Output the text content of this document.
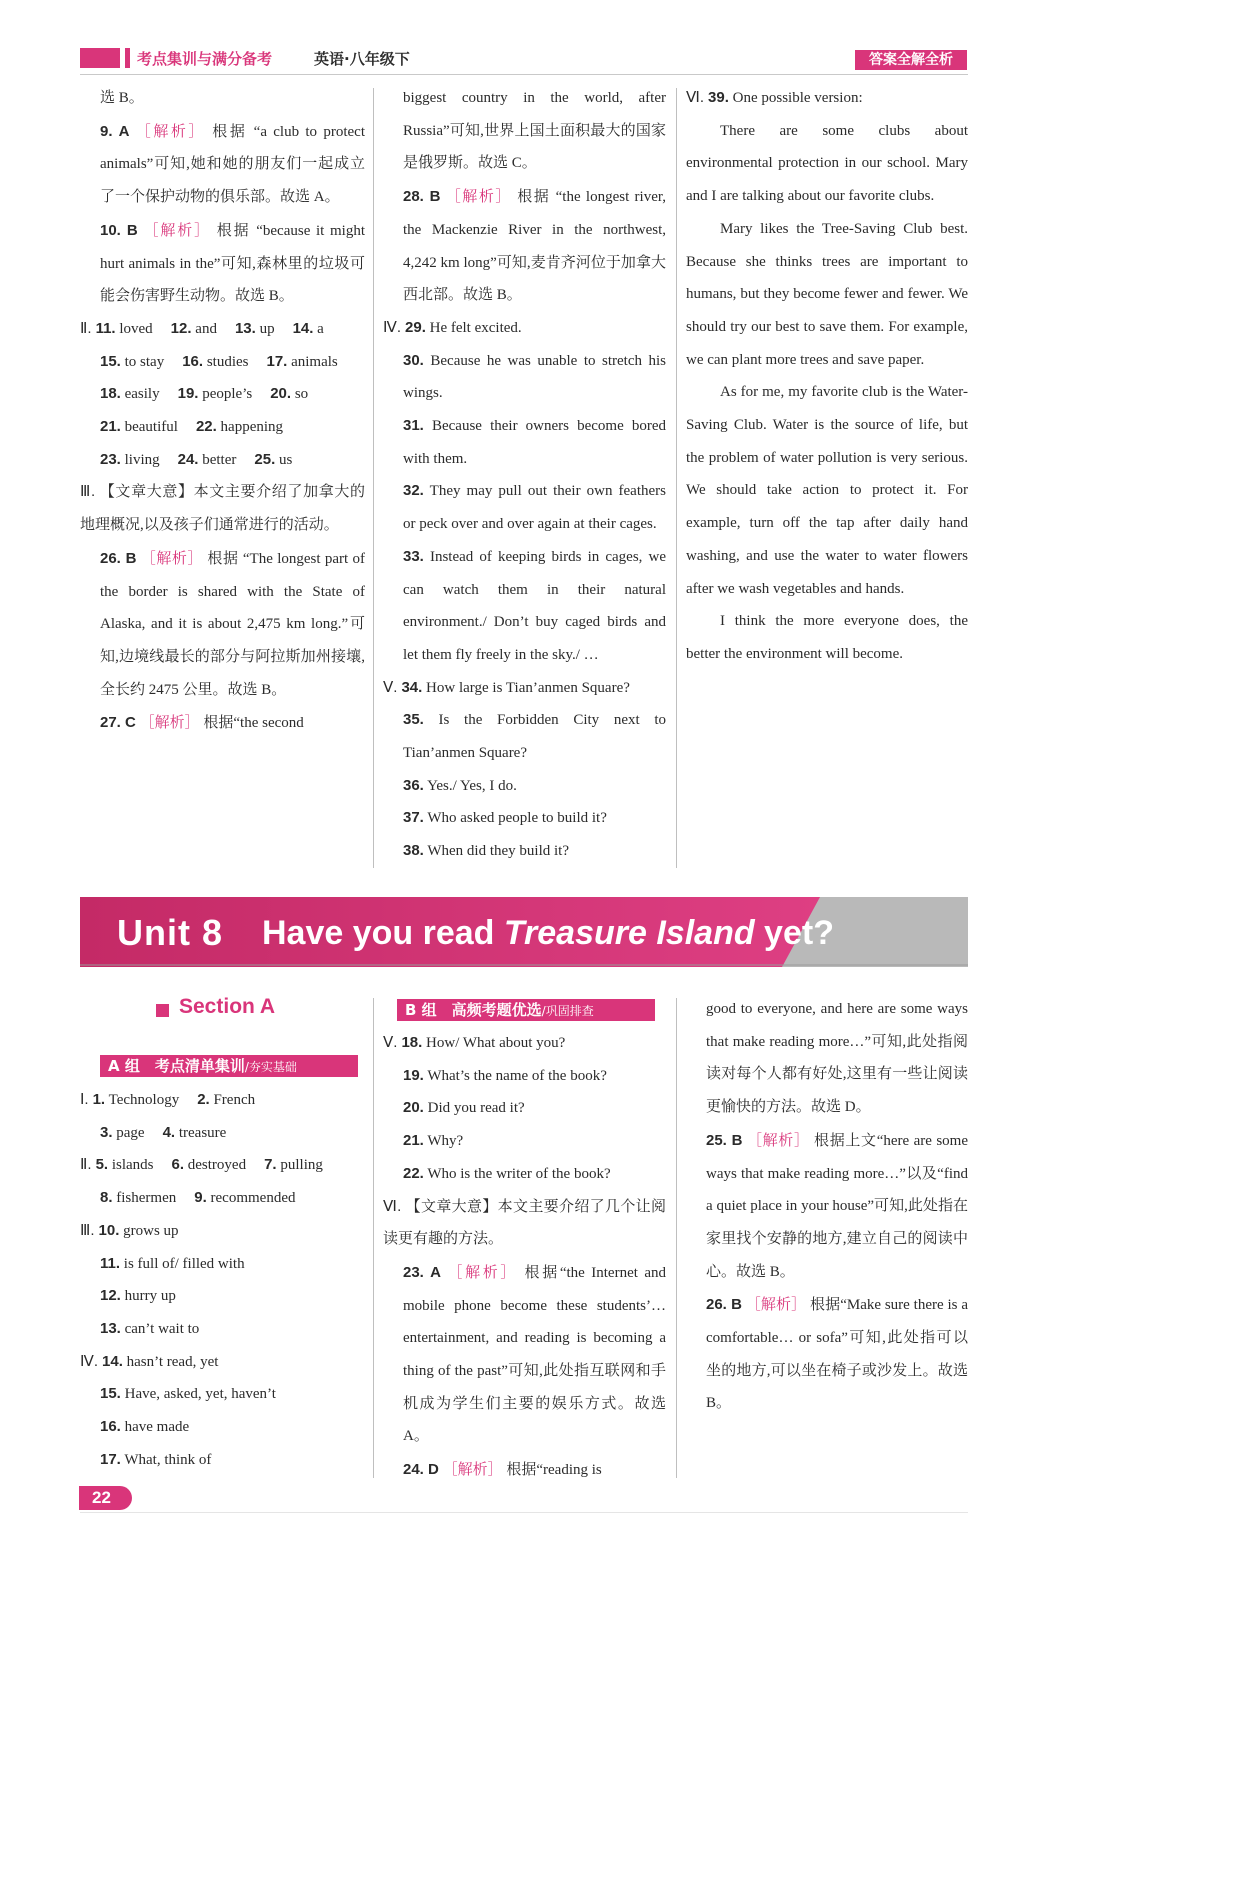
考点集训与满分备考	英语·八年级下	答案全解全析
选 B。
9. A ［解析］ 根据 “a club to protect animals”可知,她和她的朋友们一起成立了一个保护动物的俱乐部。故选 A。
10. B ［解析］ 根据 “because it might hurt animals in the”可知,森林里的垃圾可能会伤害野生动物。故选 B。
Ⅱ. 11. loved 12. and 13. up 14. a
15. to stay 16. studies 17. animals
18. easily 19. people’s 20. so
21. beautiful 22. happening
23. living 24. better 25. us
Ⅲ. 【文章大意】本文主要介绍了加拿大的地理概况,以及孩子们通常进行的活动。
26. B ［解析］ 根据 “The longest part of the border is shared with the State of Alaska, and it is about 2,475 km long.”可知,边境线最长的部分与阿拉斯加州接壤,全长约 2475 公里。故选 B。
27. C ［解析］ 根据“the second
biggest country in the world, after Russia”可知,世界上国土面积最大的国家是俄罗斯。故选 C。
28. B ［解析］ 根据 “the longest river, the Mackenzie River in the northwest, 4,242 km long”可知,麦肯齐河位于加拿大西北部。故选 B。
Ⅳ. 29. He felt excited.
30. Because he was unable to stretch his wings.
31. Because their owners become bored with them.
32. They may pull out their own feathers or peck over and over again at their cages.
33. Instead of keeping birds in cages, we can watch them in their natural environment./ Don’t buy caged birds and let them fly freely in the sky./ …
Ⅴ. 34. How large is Tian’anmen Square?
35. Is the Forbidden City next to Tian’anmen Square?
36. Yes./ Yes, I do.
37. Who asked people to build it?
38. When did they build it?
Ⅵ. 39. One possible version:
There are some clubs about environmental protection in our school. Mary and I are talking about our favorite clubs.
Mary likes the Tree-Saving Club best. Because she thinks trees are important to humans, but they become fewer and fewer. We should try our best to save them. For example, we can plant more trees and save paper.
As for me, my favorite club is the Water-Saving Club. Water is the source of life, but the problem of water pollution is very serious. We should take action to protect it. For example, turn off the tap after daily hand washing, and use the water to water flowers after we wash vegetables and hands.
I think the more everyone does, the better the environment will become.
Unit 8 Have you read Treasure Island yet?
Section A
A 组　考点清单集训/夯实基础
B 组　高频考题优选/巩固排查
Ⅰ. 1. Technology 2. French
3. page 4. treasure
Ⅱ. 5. islands 6. destroyed 7. pulling
8. fishermen 9. recommended
Ⅲ. 10. grows up
11. is full of/ filled with
12. hurry up
13. can’t wait to
Ⅳ. 14. hasn’t read, yet
15. Have, asked, yet, haven’t
16. have made
17. What, think of
Ⅴ. 18. How/ What about you?
19. What’s the name of the book?
20. Did you read it?
21. Why?
22. Who is the writer of the book?
Ⅵ. 【文章大意】本文主要介绍了几个让阅读更有趣的方法。
23. A ［解析］ 根据“the Internet and mobile phone become these students’… entertainment, and reading is becoming a thing of the past”可知,此处指互联网和手机成为学生们主要的娱乐方式。故选 A。
24. D ［解析］ 根据“reading is
good to everyone, and here are some ways that make reading more…”可知,此处指阅读对每个人都有好处,这里有一些让阅读更愉快的方法。故选 D。
25. B ［解析］ 根据上文“here are some ways that make reading more…”以及“find a quiet place in your house”可知,此处指在家里找个安静的地方,建立自己的阅读中心。故选 B。
26. B ［解析］ 根据“Make sure there is a comfortable… or sofa”可知,此处指可以坐的地方,可以坐在椅子或沙发上。故选 B。
22
